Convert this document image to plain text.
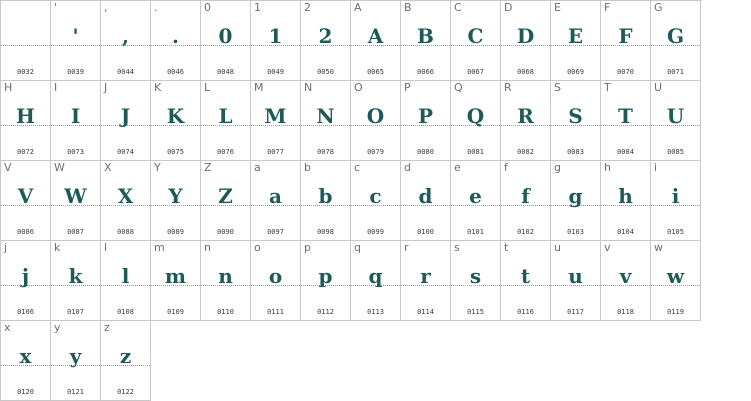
0032
'
'
0039
,
,
0044
.
.
0046
0
0
0048
1
1
0049
2
2
0050
A
A
0065
B
B
0066
C
C
0067
D
D
0068
E
E
0069
F
F
0070
G
G
0071
H
H
0072
I
I
0073
J
J
0074
K
K
0075
L
L
0076
M
M
0077
N
N
0078
O
O
0079
P
P
0080
Q
Q
0081
R
R
0082
S
S
0083
T
T
0084
U
U
0085
V
V
0086
W
W
0087
X
X
0088
Y
Y
0089
Z
Z
0090
a
a
0097
b
b
0098
c
c
0099
d
d
0100
e
e
0101
f
f
0102
g
g
0103
h
h
0104
i
i
0105
j
j
0106
k
k
0107
l
l
0108
m
m
0109
n
n
0110
o
o
0111
p
p
0112
q
q
0113
r
r
0114
s
s
0115
t
t
0116
u
u
0117
v
v
0118
w
w
0119
x
x
0120
y
y
0121
z
z
0122
